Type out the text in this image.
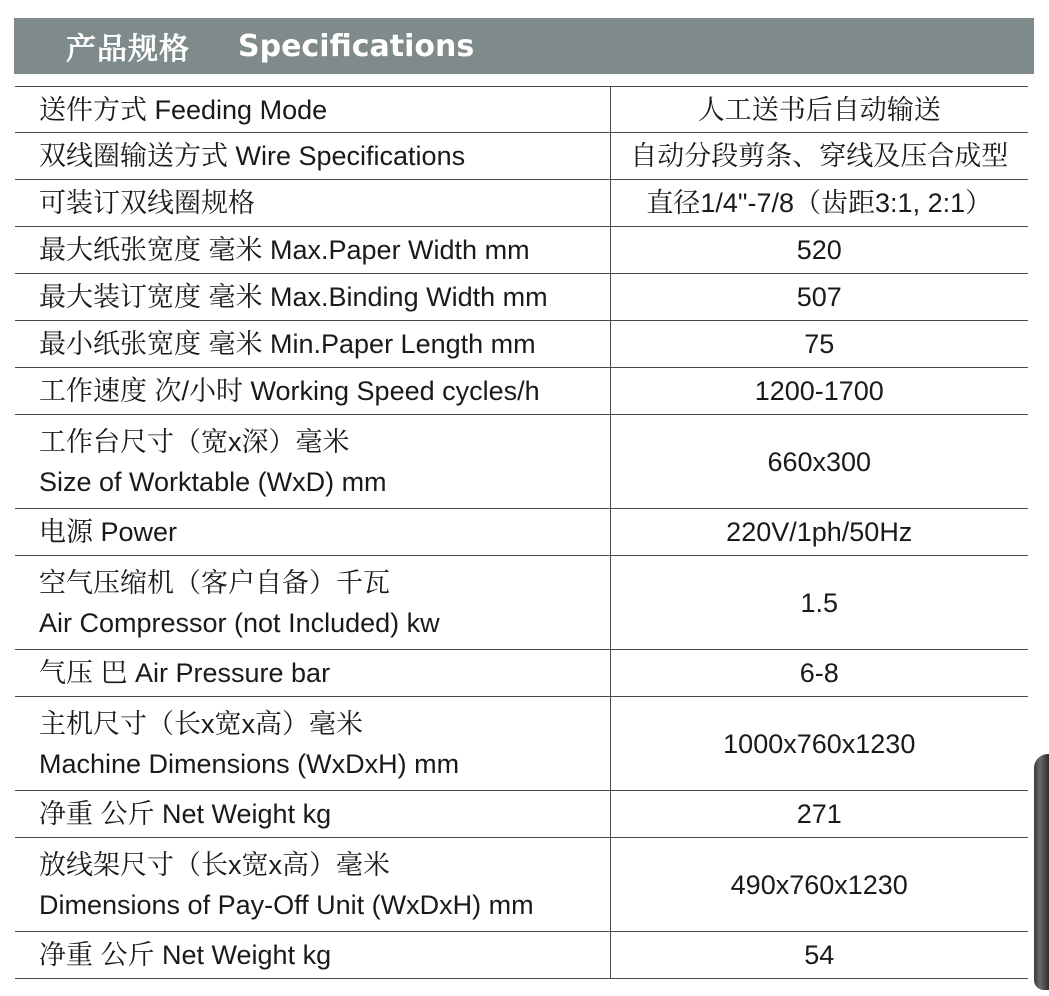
产品规格 Specifications
送件方式 Feeding Mode	人工送书后自动输送

双线圈输送方式 Wire Specifications	自动分段剪条、穿线及压合成型

可装订双线圈规格	直径1/4"-7/8（齿距3:1, 2:1）

最大纸张宽度 毫米 Max.Paper Width mm	520

最大装订宽度 毫米 Max.Binding Width mm	507

最小纸张宽度 毫米 Min.Paper Length mm	75

工作速度 次/小时 Working Speed cycles/h	1200-1700

工作台尺寸（宽x深）毫米
Size of Worktable (WxD) mm	660x300

电源 Power	220V/1ph/50Hz

空气压缩机（客户自备）千瓦
Air Compressor (not Included) kw	1.5

气压 巴 Air Pressure bar	6-8

主机尺寸（长x宽x高）毫米
Machine Dimensions (WxDxH) mm	1000x760x1230

净重 公斤 Net Weight kg	271

放线架尺寸（长x宽x高）毫米
Dimensions of Pay-Off Unit (WxDxH) mm	490x760x1230

净重 公斤 Net Weight kg	54
